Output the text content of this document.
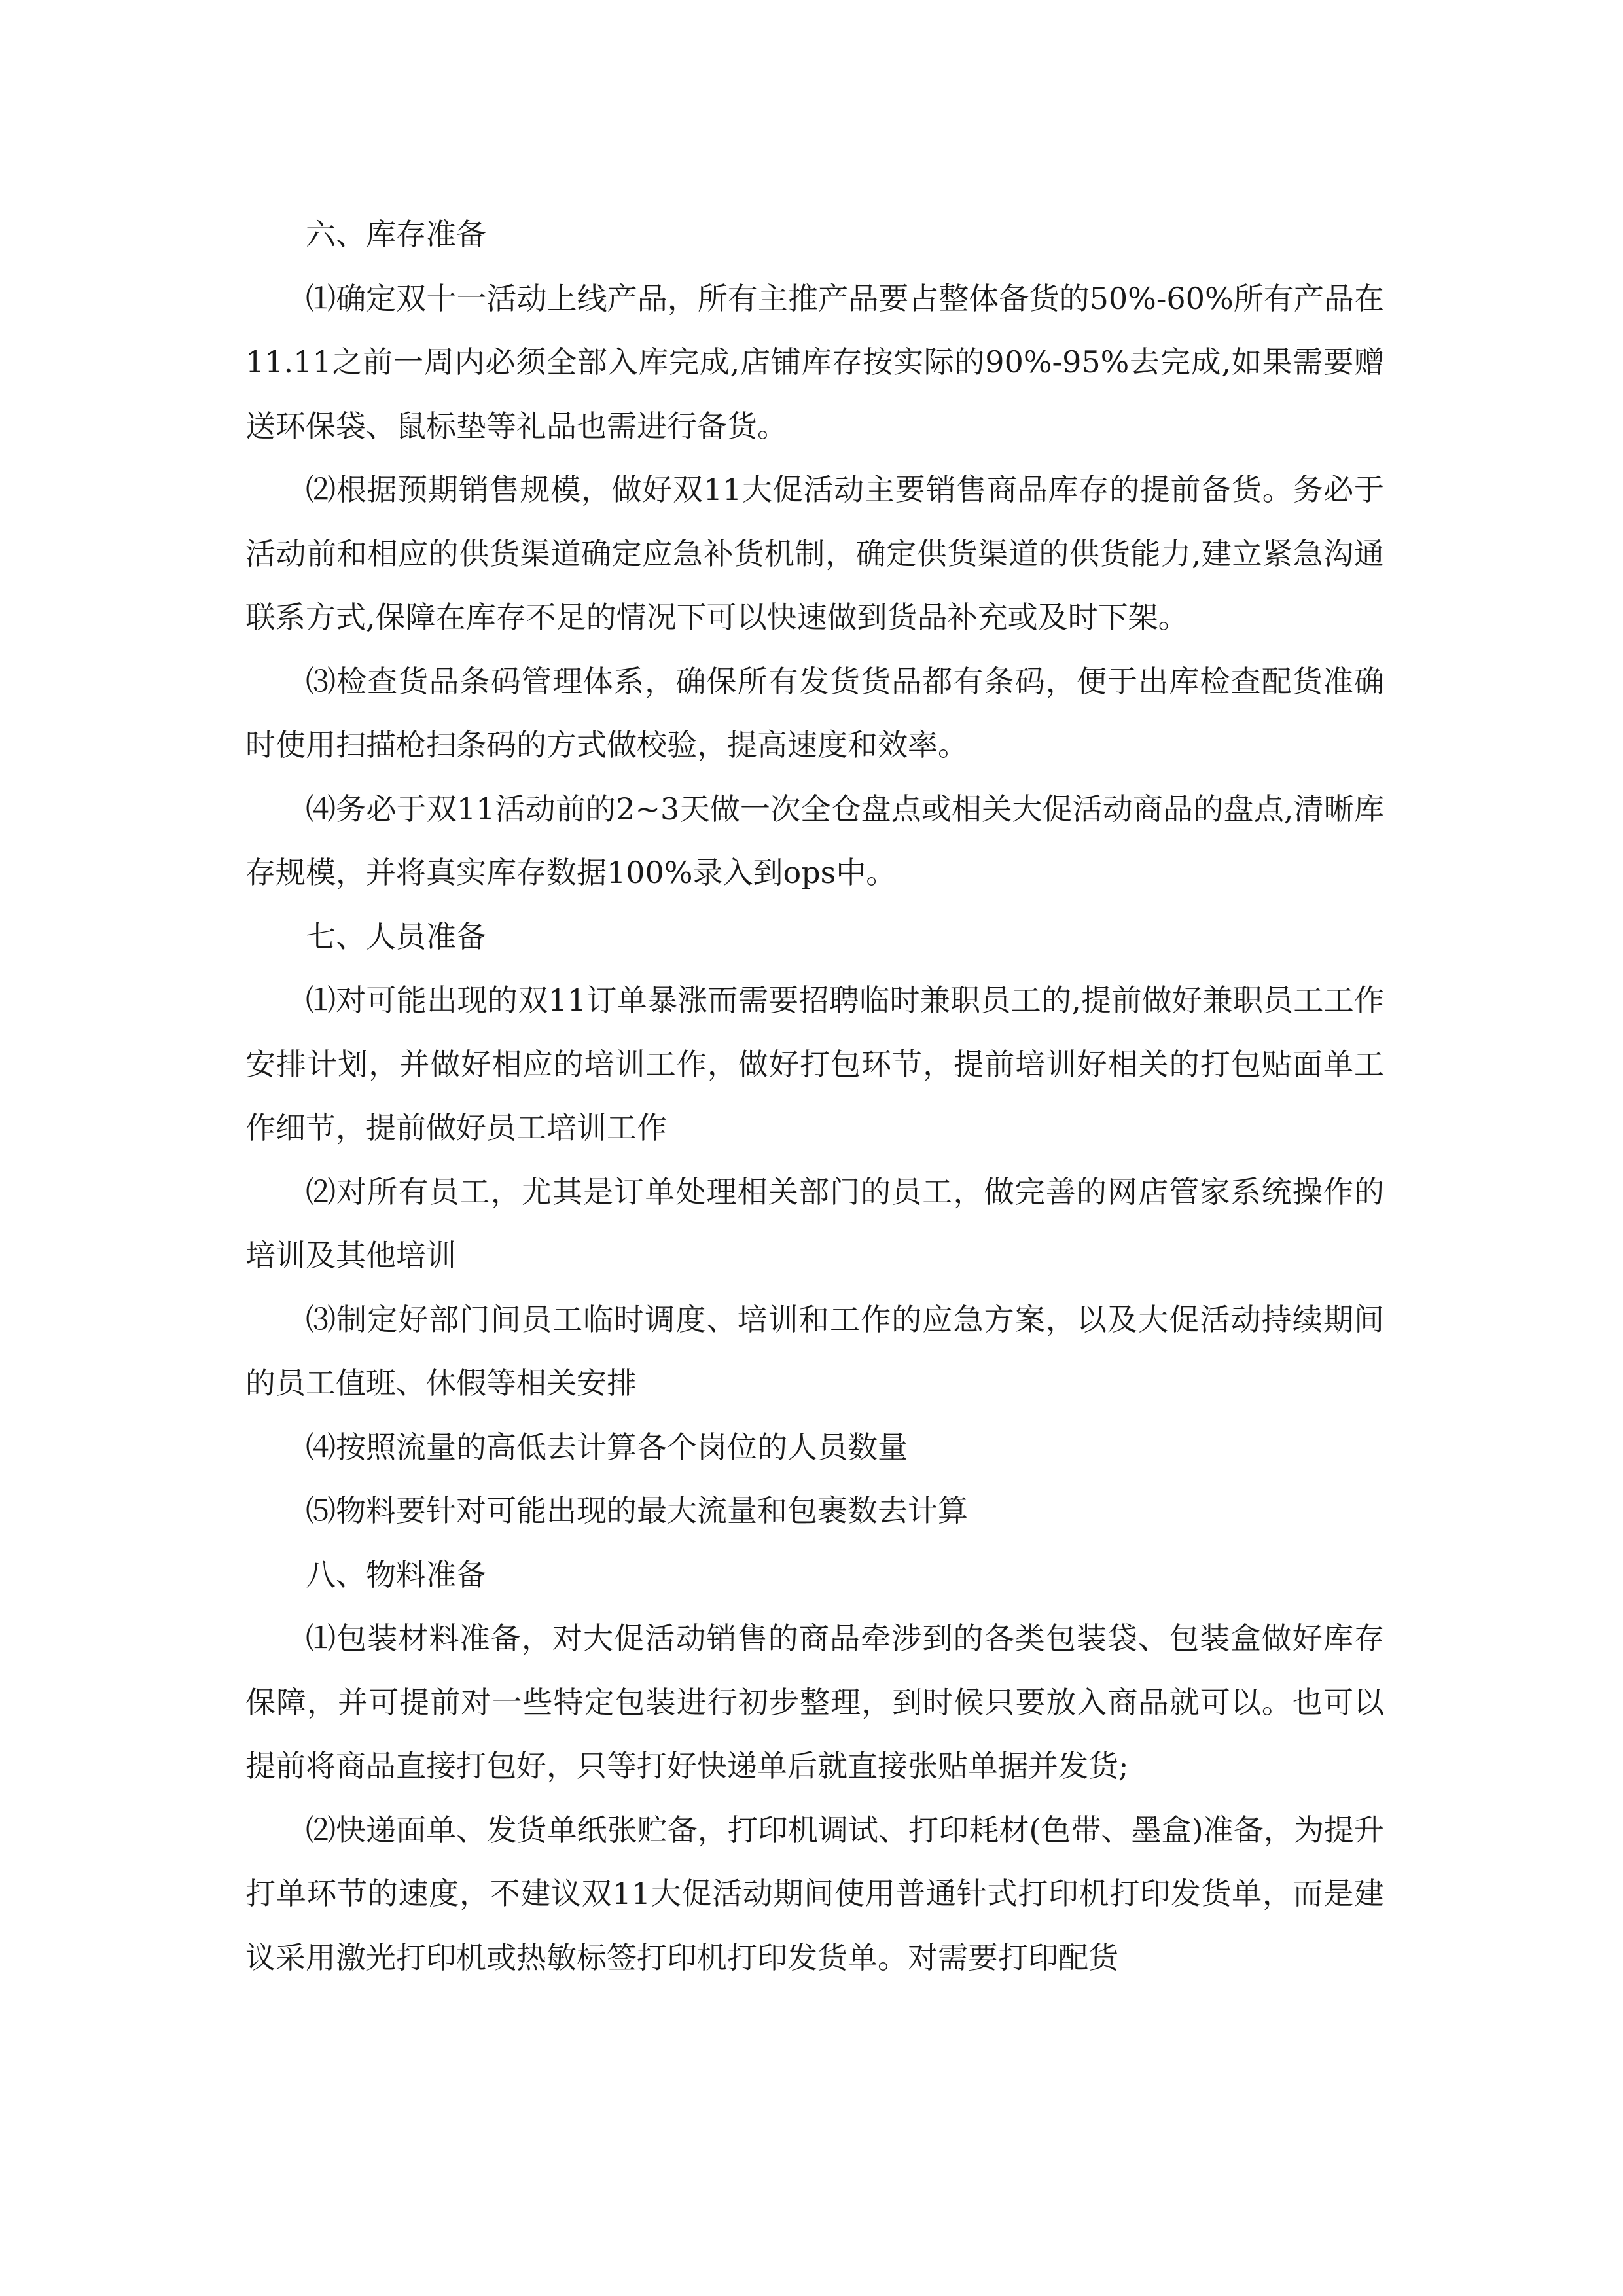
六、库存准备

⑴确定双十一活动上线产品，所有主推产品要占整体备货的50%-60%所有产品在11.11之前一周内必须全部入库完成,店铺库存按实际的90%-95%去完成,如果需要赠送环保袋、鼠标垫等礼品也需进行备货。

⑵根据预期销售规模，做好双11大促活动主要销售商品库存的提前备货。务必于 活动前和相应的供货渠道确定应急补货机制，确定供货渠道的供货能力,建立紧急沟通联系方式,保障在库存不足的情况下可以快速做到货品补充或及时下架。

⑶检查货品条码管理体系，确保所有发货货品都有条码，便于出库检查配货准确时使用扫描枪扫条码的方式做校验，提高速度和效率。

⑷务必于双11活动前的2~3天做一次全仓盘点或相关大促活动商品的盘点,清晰库存规模，并将真实库存数据100%录入到ops中。

七、人员准备

⑴对可能出现的双11订单暴涨而需要招聘临时兼职员工的,提前做好兼职员工工作安排计划，并做好相应的培训工作，做好打包环节，提前培训好相关的打包贴面单工作细节，提前做好员工培训工作

⑵对所有员工，尤其是订单处理相关部门的员工，做完善的网店管家系统操作的培训及其他培训

⑶制定好部门间员工临时调度、培训和工作的应急方案，以及大促活动持续期间的员工值班、休假等相关安排

⑷按照流量的高低去计算各个岗位的人员数量

⑸物料要针对可能出现的最大流量和包裹数去计算

八、物料准备

⑴包装材料准备，对大促活动销售的商品牵涉到的各类包装袋、包装盒做好库存保障，并可提前对一些特定包装进行初步整理，到时候只要放入商品就可以。也可以提前将商品直接打包好，只等打好快递单后就直接张贴单据并发货;

⑵快递面单、发货单纸张贮备，打印机调试、打印耗材(色带、墨盒)准备，为提升打单环节的速度，不建议双11大促活动期间使用普通针式打印机打印发货单，而是建议采用激光打印机或热敏标签打印机打印发货单。对需要打印配货
